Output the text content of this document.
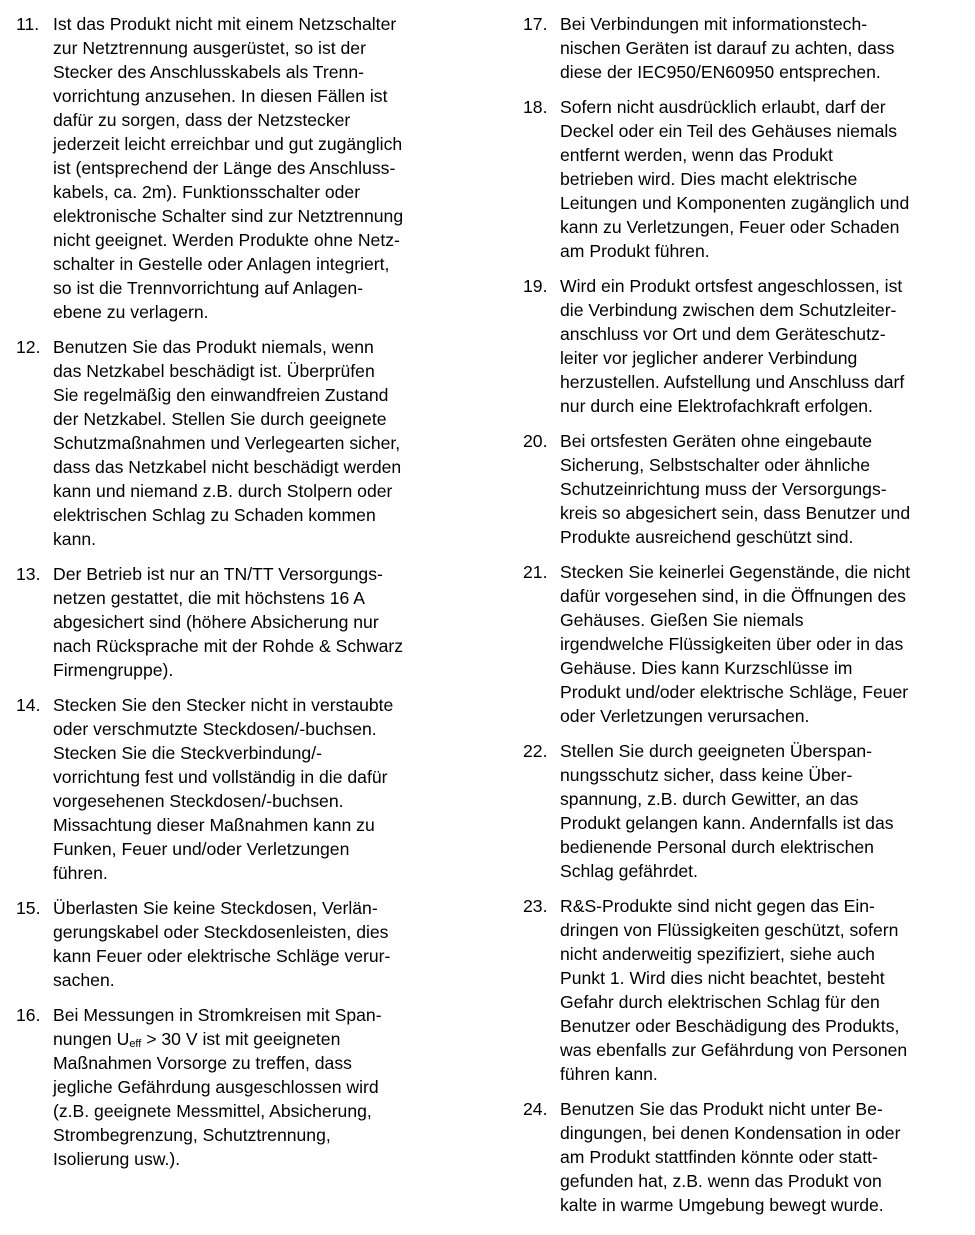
11. Ist das Produkt nicht mit einem Netzschalter
zur Netztrennung ausgerüstet, so ist der
Stecker des Anschlusskabels als Trenn-
vorrichtung anzusehen. In diesen Fällen ist
dafür zu sorgen, dass der Netzstecker
jederzeit leicht erreichbar und gut zugänglich
ist (entsprechend der Länge des Anschluss-
kabels, ca. 2m). Funktionsschalter oder
elektronische Schalter sind zur Netztrennung
nicht geeignet. Werden Produkte ohne Netz-
schalter in Gestelle oder Anlagen integriert,
so ist die Trennvorrichtung auf Anlagen-
ebene zu verlagern.
12. Benutzen Sie das Produkt niemals, wenn
das Netzkabel beschädigt ist. Überprüfen
Sie regelmäßig den einwandfreien Zustand
der Netzkabel. Stellen Sie durch geeignete
Schutzmaßnahmen und Verlegearten sicher,
dass das Netzkabel nicht beschädigt werden
kann und niemand z.B. durch Stolpern oder
elektrischen Schlag zu Schaden kommen
kann.
13. Der Betrieb ist nur an TN/TT Versorgungs-
netzen gestattet, die mit höchstens 16 A
abgesichert sind (höhere Absicherung nur
nach Rücksprache mit der Rohde & Schwarz
Firmengruppe).
14. Stecken Sie den Stecker nicht in verstaubte
oder verschmutzte Steckdosen/-buchsen.
Stecken Sie die Steckverbindung/-
vorrichtung fest und vollständig in die dafür
vorgesehenen Steckdosen/-buchsen.
Missachtung dieser Maßnahmen kann zu
Funken, Feuer und/oder Verletzungen
führen.
15. Überlasten Sie keine Steckdosen, Verlän-
gerungskabel oder Steckdosenleisten, dies
kann Feuer oder elektrische Schläge verur-
sachen.
16. Bei Messungen in Stromkreisen mit Span-
nungen $U_{eff} > 30$ V ist mit geeigneten
Maßnahmen Vorsorge zu treffen, dass
jegliche Gefährdung ausgeschlossen wird
(z.B. geeignete Messmittel, Absicherung,
Strombegrenzung, Schutztrennung,
Isolierung usw.).
17. Bei Verbindungen mit informationstech-
nischen Geräten ist darauf zu achten, dass
diese der IEC950/EN60950 entsprechen.
18. Sofern nicht ausdrücklich erlaubt, darf der
Deckel oder ein Teil des Gehäuses niemals
entfernt werden, wenn das Produkt
betrieben wird. Dies macht elektrische
Leitungen und Komponenten zugänglich und
kann zu Verletzungen, Feuer oder Schaden
am Produkt führen.
19. Wird ein Produkt ortsfest angeschlossen, ist
die Verbindung zwischen dem Schutzleiter-
anschluss vor Ort und dem Geräteschutz-
leiter vor jeglicher anderer Verbindung
herzustellen. Aufstellung und Anschluss darf
nur durch eine Elektrofachkraft erfolgen.
20. Bei ortsfesten Geräten ohne eingebaute
Sicherung, Selbstschalter oder ähnliche
Schutzeinrichtung muss der Versorgungs-
kreis so abgesichert sein, dass Benutzer und
Produkte ausreichend geschützt sind.
21. Stecken Sie keinerlei Gegenstände, die nicht
dafür vorgesehen sind, in die Öffnungen des
Gehäuses. Gießen Sie niemals
irgendwelche Flüssigkeiten über oder in das
Gehäuse. Dies kann Kurzschlüsse im
Produkt und/oder elektrische Schläge, Feuer
oder Verletzungen verursachen.
22. Stellen Sie durch geeigneten Überspan-
nungsschutz sicher, dass keine Über-
spannung, z.B. durch Gewitter, an das
Produkt gelangen kann. Andernfalls ist das
bedienende Personal durch elektrischen
Schlag gefährdet.
23. R&S-Produkte sind nicht gegen das Ein-
dringen von Flüssigkeiten geschützt, sofern
nicht anderweitig spezifiziert, siehe auch
Punkt 1. Wird dies nicht beachtet, besteht
Gefahr durch elektrischen Schlag für den
Benutzer oder Beschädigung des Produkts,
was ebenfalls zur Gefährdung von Personen
führen kann.
24. Benutzen Sie das Produkt nicht unter Be-
dingungen, bei denen Kondensation in oder
am Produkt stattfinden könnte oder statt-
gefunden hat, z.B. wenn das Produkt von
kalte in warme Umgebung bewegt wurde.
